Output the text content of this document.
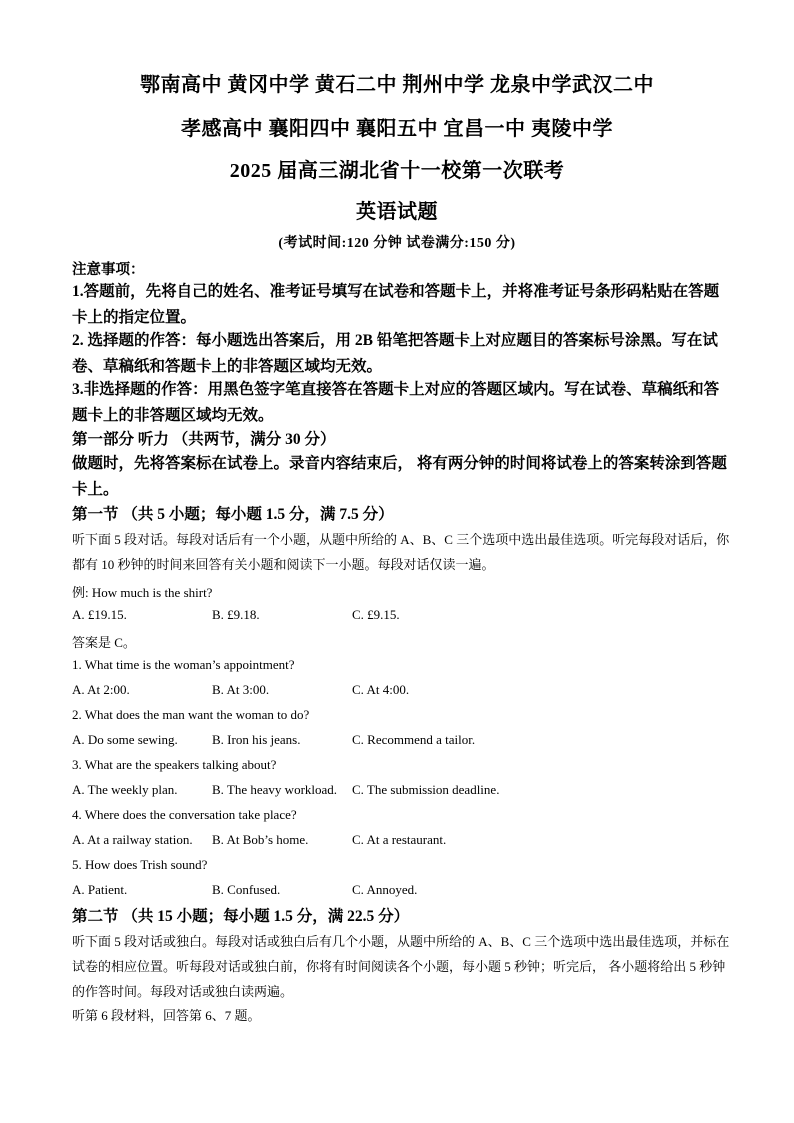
鄂南高中 黄冈中学 黄石二中 荆州中学 龙泉中学武汉二中
孝感高中 襄阳四中 襄阳五中 宜昌一中 夷陵中学
2025 届高三湖北省十一校第一次联考
英语试题
(考试时间:120 分钟 试卷满分:150 分)
注意事项：
1.答题前，先将自己的姓名、准考证号填写在试卷和答题卡上，并将准考证号条形码粘贴在答题卡上的指定位置。
2. 选择题的作答：每小题选出答案后，用 2B 铅笔把答题卡上对应题目的答案标号涂黑。写在试卷、草稿纸和答题卡上的非答题区域均无效。
3.非选择题的作答：用黑色签字笔直接答在答题卡上对应的答题区域内。写在试卷、草稿纸和答题卡上的非答题区域均无效。
第一部分 听力 （共两节，满分 30 分）
做题时，先将答案标在试卷上。录音内容结束后， 将有两分钟的时间将试卷上的答案转涂到答题卡上。
第一节 （共 5 小题；每小题 1.5 分，满 7.5 分）
听下面 5 段对话。每段对话后有一个小题，从题中所给的 A、B、C 三个选项中选出最佳选项。听完每段对话后，你都有 10 秒钟的时间来回答有关小题和阅读下一小题。每段对话仅读一遍。
例: How much is the shirt?
A. £19.15.	B. £9.18.	C. £9.15.
答案是 C。
1. What time is the woman’s appointment?
A. At 2:00.	B. At 3:00.	C. At 4:00.
2. What does the man want the woman to do?
A. Do some sewing.	B. Iron his jeans.	C. Recommend a tailor.
3. What are the speakers talking about?
A. The weekly plan.	B. The heavy workload. C. The submission deadline.
4. Where does the conversation take place?
A. At a railway station. B. At Bob’s home.	C. At a restaurant.
5. How does Trish sound?
A. Patient.	B. Confused.	C. Annoyed.
第二节 （共 15 小题；每小题 1.5 分，满 22.5 分）
听下面 5 段对话或独白。每段对话或独白后有几个小题，从题中所给的 A、B、C 三个选项中选出最佳选项，并标在试卷的相应位置。听每段对话或独白前，你将有时间阅读各个小题，每小题 5 秒钟；听完后， 各小题将给出 5 秒钟的作答时间。每段对话或独白读两遍。
听第 6 段材料，回答第 6、7 题。
